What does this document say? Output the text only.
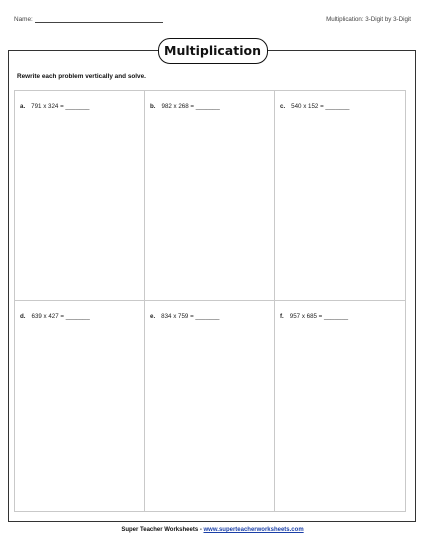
Name:	Multiplication: 3-Digit by 3-Digit
Multiplication
Rewrite each problem vertically and solve.
a. 791 x 324 = _______	b. 982 x 268 = _______	c. 540 x 152 = _______
d. 639 x 427 = _______	e. 834 x 759 = _______	f. 957 x 685 = _______
Super Teacher Worksheets - www.superteacherworksheets.com
